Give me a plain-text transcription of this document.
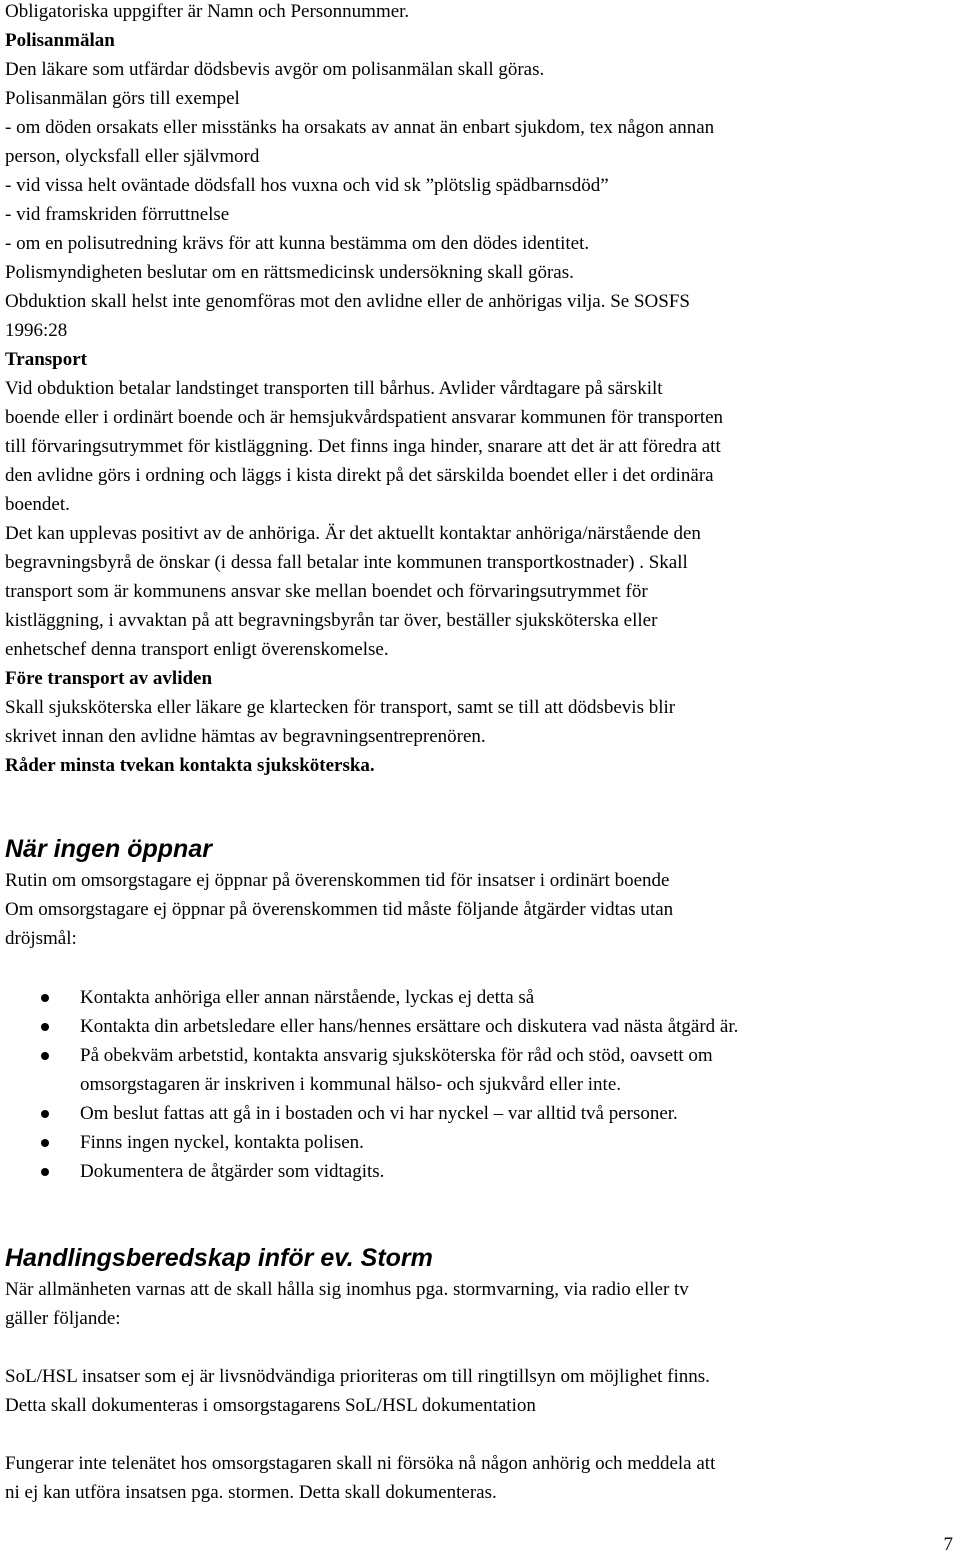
Obligatoriska uppgifter är Namn och Personnummer.
Polisanmälan
Den läkare som utfärdar dödsbevis avgör om polisanmälan skall göras.
Polisanmälan görs till exempel
- om döden orsakats eller misstänks ha orsakats av annat än enbart sjukdom, tex någon annan
person, olycksfall eller självmord
- vid vissa helt oväntade dödsfall hos vuxna och vid sk ”plötslig spädbarnsdöd”
- vid framskriden förruttnelse
- om en polisutredning krävs för att kunna bestämma om den dödes identitet.
Polismyndigheten beslutar om en rättsmedicinsk undersökning skall göras.
Obduktion skall helst inte genomföras mot den avlidne eller de anhörigas vilja. Se SOSFS
1996:28
Transport
Vid obduktion betalar landstinget transporten till bårhus. Avlider vårdtagare på särskilt
boende eller i ordinärt boende och är hemsjukvårdspatient ansvarar kommunen för transporten
till förvaringsutrymmet för kistläggning. Det finns inga hinder, snarare att det är att föredra att
den avlidne görs i ordning och läggs i kista direkt på det särskilda boendet eller i det ordinära
boendet.
Det kan upplevas positivt av de anhöriga. Är det aktuellt kontaktar anhöriga/närstående den
begravningsbyrå de önskar (i dessa fall betalar inte kommunen transportkostnader) . Skall
transport som är kommunens ansvar ske mellan boendet och förvaringsutrymmet för
kistläggning, i avvaktan på att begravningsbyrån tar över, beställer sjuksköterska eller
enhetschef denna transport enligt överenskomelse.
Före transport av avliden
Skall sjuksköterska eller läkare ge klartecken för transport, samt se till att dödsbevis blir
skrivet innan den avlidne hämtas av begravningsentreprenören.
Råder minsta tvekan kontakta sjuksköterska.
När ingen öppnar
Rutin om omsorgstagare ej öppnar på överenskommen tid för insatser i ordinärt boende
Om omsorgstagare ej öppnar på överenskommen tid måste följande åtgärder vidtas utan
dröjsmål:
Kontakta anhöriga eller annan närstående, lyckas ej detta så
Kontakta din arbetsledare eller hans/hennes ersättare och diskutera vad nästa åtgärd är.
På obekväm arbetstid, kontakta ansvarig sjuksköterska för råd och stöd, oavsett om
omsorgstagaren är inskriven i kommunal hälso- och sjukvård eller inte.
Om beslut fattas att gå in i bostaden och vi har nyckel – var alltid två personer.
Finns ingen nyckel, kontakta polisen.
Dokumentera de åtgärder som vidtagits.
Handlingsberedskap inför ev. Storm
När allmänheten varnas att de skall hålla sig inomhus pga. stormvarning, via radio eller tv
gäller följande:
SoL/HSL insatser som ej är livsnödvändiga prioriteras om till ringtillsyn om möjlighet finns.
Detta skall dokumenteras i omsorgstagarens SoL/HSL dokumentation
Fungerar inte telenätet hos omsorgstagaren skall ni försöka nå någon anhörig och meddela att
ni ej kan utföra insatsen pga. stormen. Detta skall dokumenteras.
7
